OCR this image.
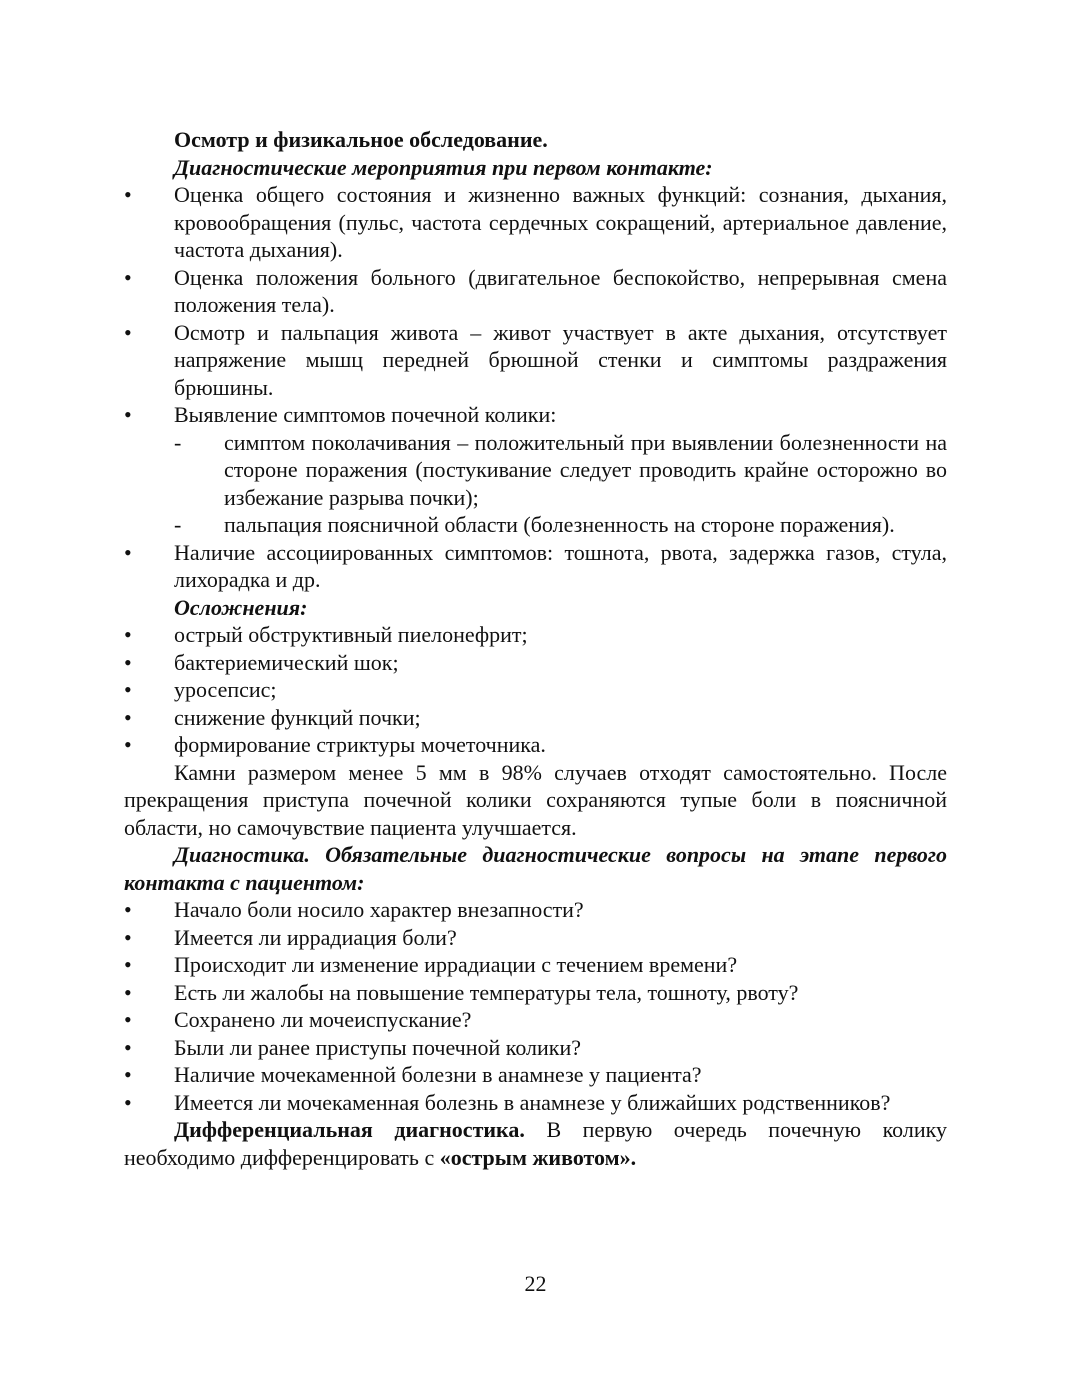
Осмотр и физикальное обследование.

Диагностические мероприятия при первом контакте:

• Оценка общего состояния и жизненно важных функций: сознания, дыхания, кровообращения (пульс, частота сердечных сокращений, артериальное давление, частота дыхания).
• Оценка положения больного (двигательное беспокойство, непрерывная смена положения тела).
• Осмотр и пальпация живота – живот участвует в акте дыхания, отсутствует напряжение мышц передней брюшной стенки и симптомы раздражения брюшины.
• Выявление симптомов почечной колики:
- симптом поколачивания – положительный при выявлении болезненности на стороне поражения (постукивание следует проводить крайне осторожно во избежание разрыва почки);
- пальпация поясничной области (болезненность на стороне поражения).
• Наличие ассоциированных симптомов: тошнота, рвота, задержка газов, стула, лихорадка и др.

Осложнения:

• острый обструктивный пиелонефрит;
• бактериемический шок;
• уросепсис;
• снижение функций почки;
• формирование стриктуры мочеточника.

Камни размером менее 5 мм в 98% случаев отходят самостоятельно. После прекращения приступа почечной колики сохраняются тупые боли в поясничной области, но самочувствие пациента улучшается.

Диагностика. Обязательные диагностические вопросы на этапе первого контакта с пациентом:

• Начало боли носило характер внезапности?
• Имеется ли иррадиация боли?
• Происходит ли изменение иррадиации с течением времени?
• Есть ли жалобы на повышение температуры тела, тошноту, рвоту?
• Сохранено ли мочеиспускание?
• Были ли ранее приступы почечной колики?
• Наличие мочекаменной болезни в анамнезе у пациента?
• Имеется ли мочекаменная болезнь в анамнезе у ближайших родственников?

Дифференциальная диагностика. В первую очередь почечную колику необходимо дифференцировать с «острым животом».

22
